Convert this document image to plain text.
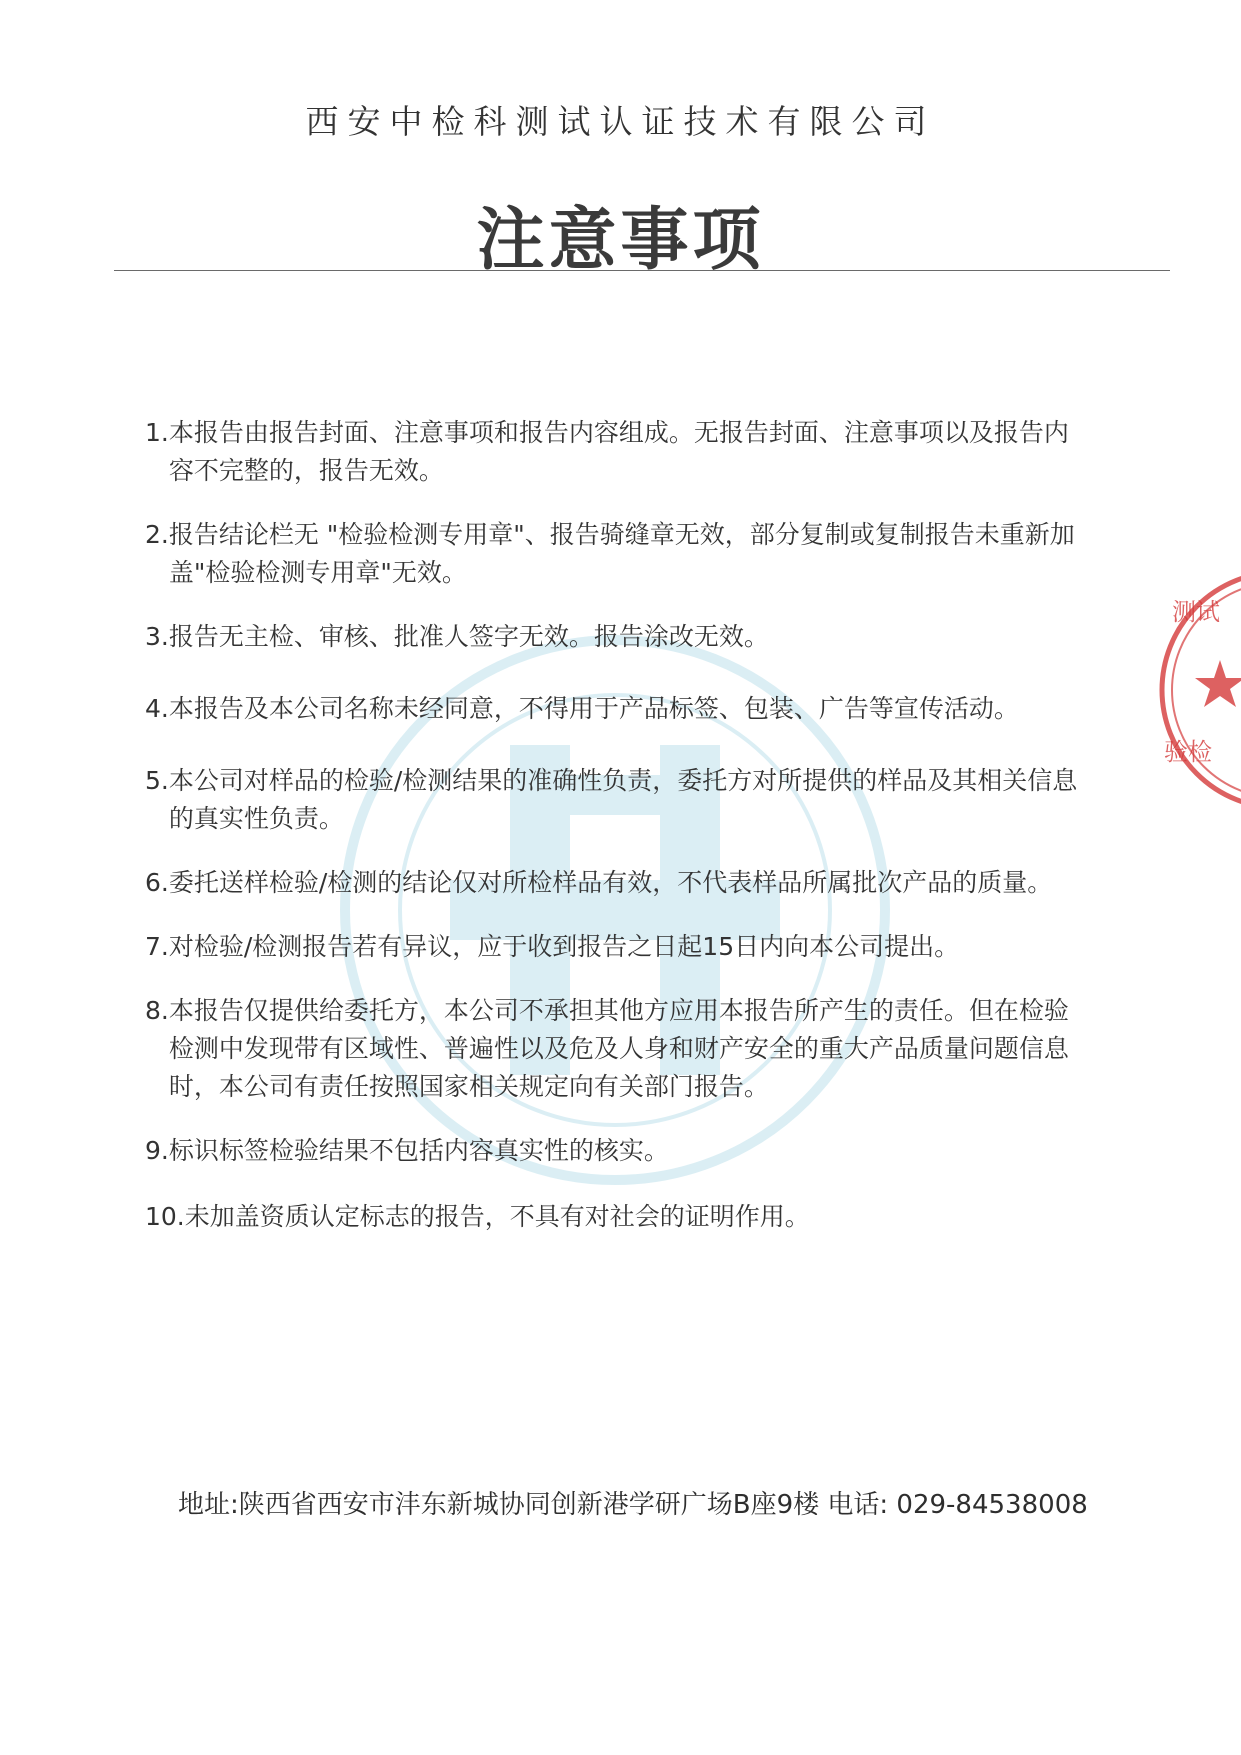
西安中检科测试认证技术有限公司
注意事项
测试
验检
1. 本报告由报告封面、注意事项和报告内容组成。无报告封面、注意事项以及报告内容不完整的，报告无效。
2. 报告结论栏无 "检验检测专用章"、报告骑缝章无效，部分复制或复制报告未重新加盖"检验检测专用章"无效。
3. 报告无主检、审核、批准人签字无效。报告涂改无效。
4. 本报告及本公司名称未经同意，不得用于产品标签、包装、广告等宣传活动。
5. 本公司对样品的检验/检测结果的准确性负责，委托方对所提供的样品及其相关信息的真实性负责。
6. 委托送样检验/检测的结论仅对所检样品有效，不代表样品所属批次产品的质量。
7. 对检验/检测报告若有异议，应于收到报告之日起15日内向本公司提出。
8. 本报告仅提供给委托方，本公司不承担其他方应用本报告所产生的责任。但在检验检测中发现带有区域性、普遍性以及危及人身和财产安全的重大产品质量问题信息时，本公司有责任按照国家相关规定向有关部门报告。
9. 标识标签检验结果不包括内容真实性的核实。
10. 未加盖资质认定标志的报告，不具有对社会的证明作用。
地址:陕西省西安市沣东新城协同创新港学研广场B座9楼 电话: 029-84538008
